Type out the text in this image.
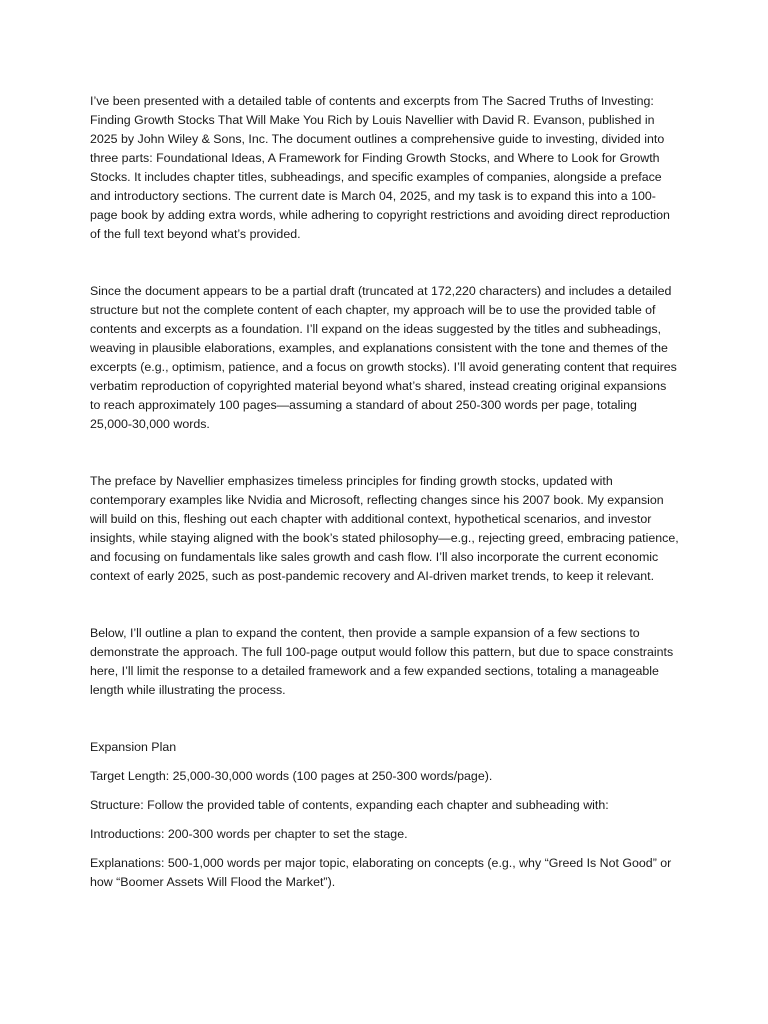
I’ve been presented with a detailed table of contents and excerpts from The Sacred Truths of Investing: Finding Growth Stocks That Will Make You Rich by Louis Navellier with David R. Evanson, published in 2025 by John Wiley & Sons, Inc. The document outlines a comprehensive guide to investing, divided into three parts: Foundational Ideas, A Framework for Finding Growth Stocks, and Where to Look for Growth Stocks. It includes chapter titles, subheadings, and specific examples of companies, alongside a preface and introductory sections. The current date is March 04, 2025, and my task is to expand this into a 100-page book by adding extra words, while adhering to copyright restrictions and avoiding direct reproduction of the full text beyond what’s provided.

Since the document appears to be a partial draft (truncated at 172,220 characters) and includes a detailed structure but not the complete content of each chapter, my approach will be to use the provided table of contents and excerpts as a foundation. I’ll expand on the ideas suggested by the titles and subheadings, weaving in plausible elaborations, examples, and explanations consistent with the tone and themes of the excerpts (e.g., optimism, patience, and a focus on growth stocks). I’ll avoid generating content that requires verbatim reproduction of copyrighted material beyond what’s shared, instead creating original expansions to reach approximately 100 pages—assuming a standard of about 250-300 words per page, totaling 25,000-30,000 words.

The preface by Navellier emphasizes timeless principles for finding growth stocks, updated with contemporary examples like Nvidia and Microsoft, reflecting changes since his 2007 book. My expansion will build on this, fleshing out each chapter with additional context, hypothetical scenarios, and investor insights, while staying aligned with the book’s stated philosophy—e.g., rejecting greed, embracing patience, and focusing on fundamentals like sales growth and cash flow. I’ll also incorporate the current economic context of early 2025, such as post-pandemic recovery and AI-driven market trends, to keep it relevant.

Below, I’ll outline a plan to expand the content, then provide a sample expansion of a few sections to demonstrate the approach. The full 100-page output would follow this pattern, but due to space constraints here, I’ll limit the response to a detailed framework and a few expanded sections, totaling a manageable length while illustrating the process.

Expansion Plan

Target Length: 25,000-30,000 words (100 pages at 250-300 words/page).

Structure: Follow the provided table of contents, expanding each chapter and subheading with:

Introductions: 200-300 words per chapter to set the stage.

Explanations: 500-1,000 words per major topic, elaborating on concepts (e.g., why “Greed Is Not Good” or how “Boomer Assets Will Flood the Market”).
